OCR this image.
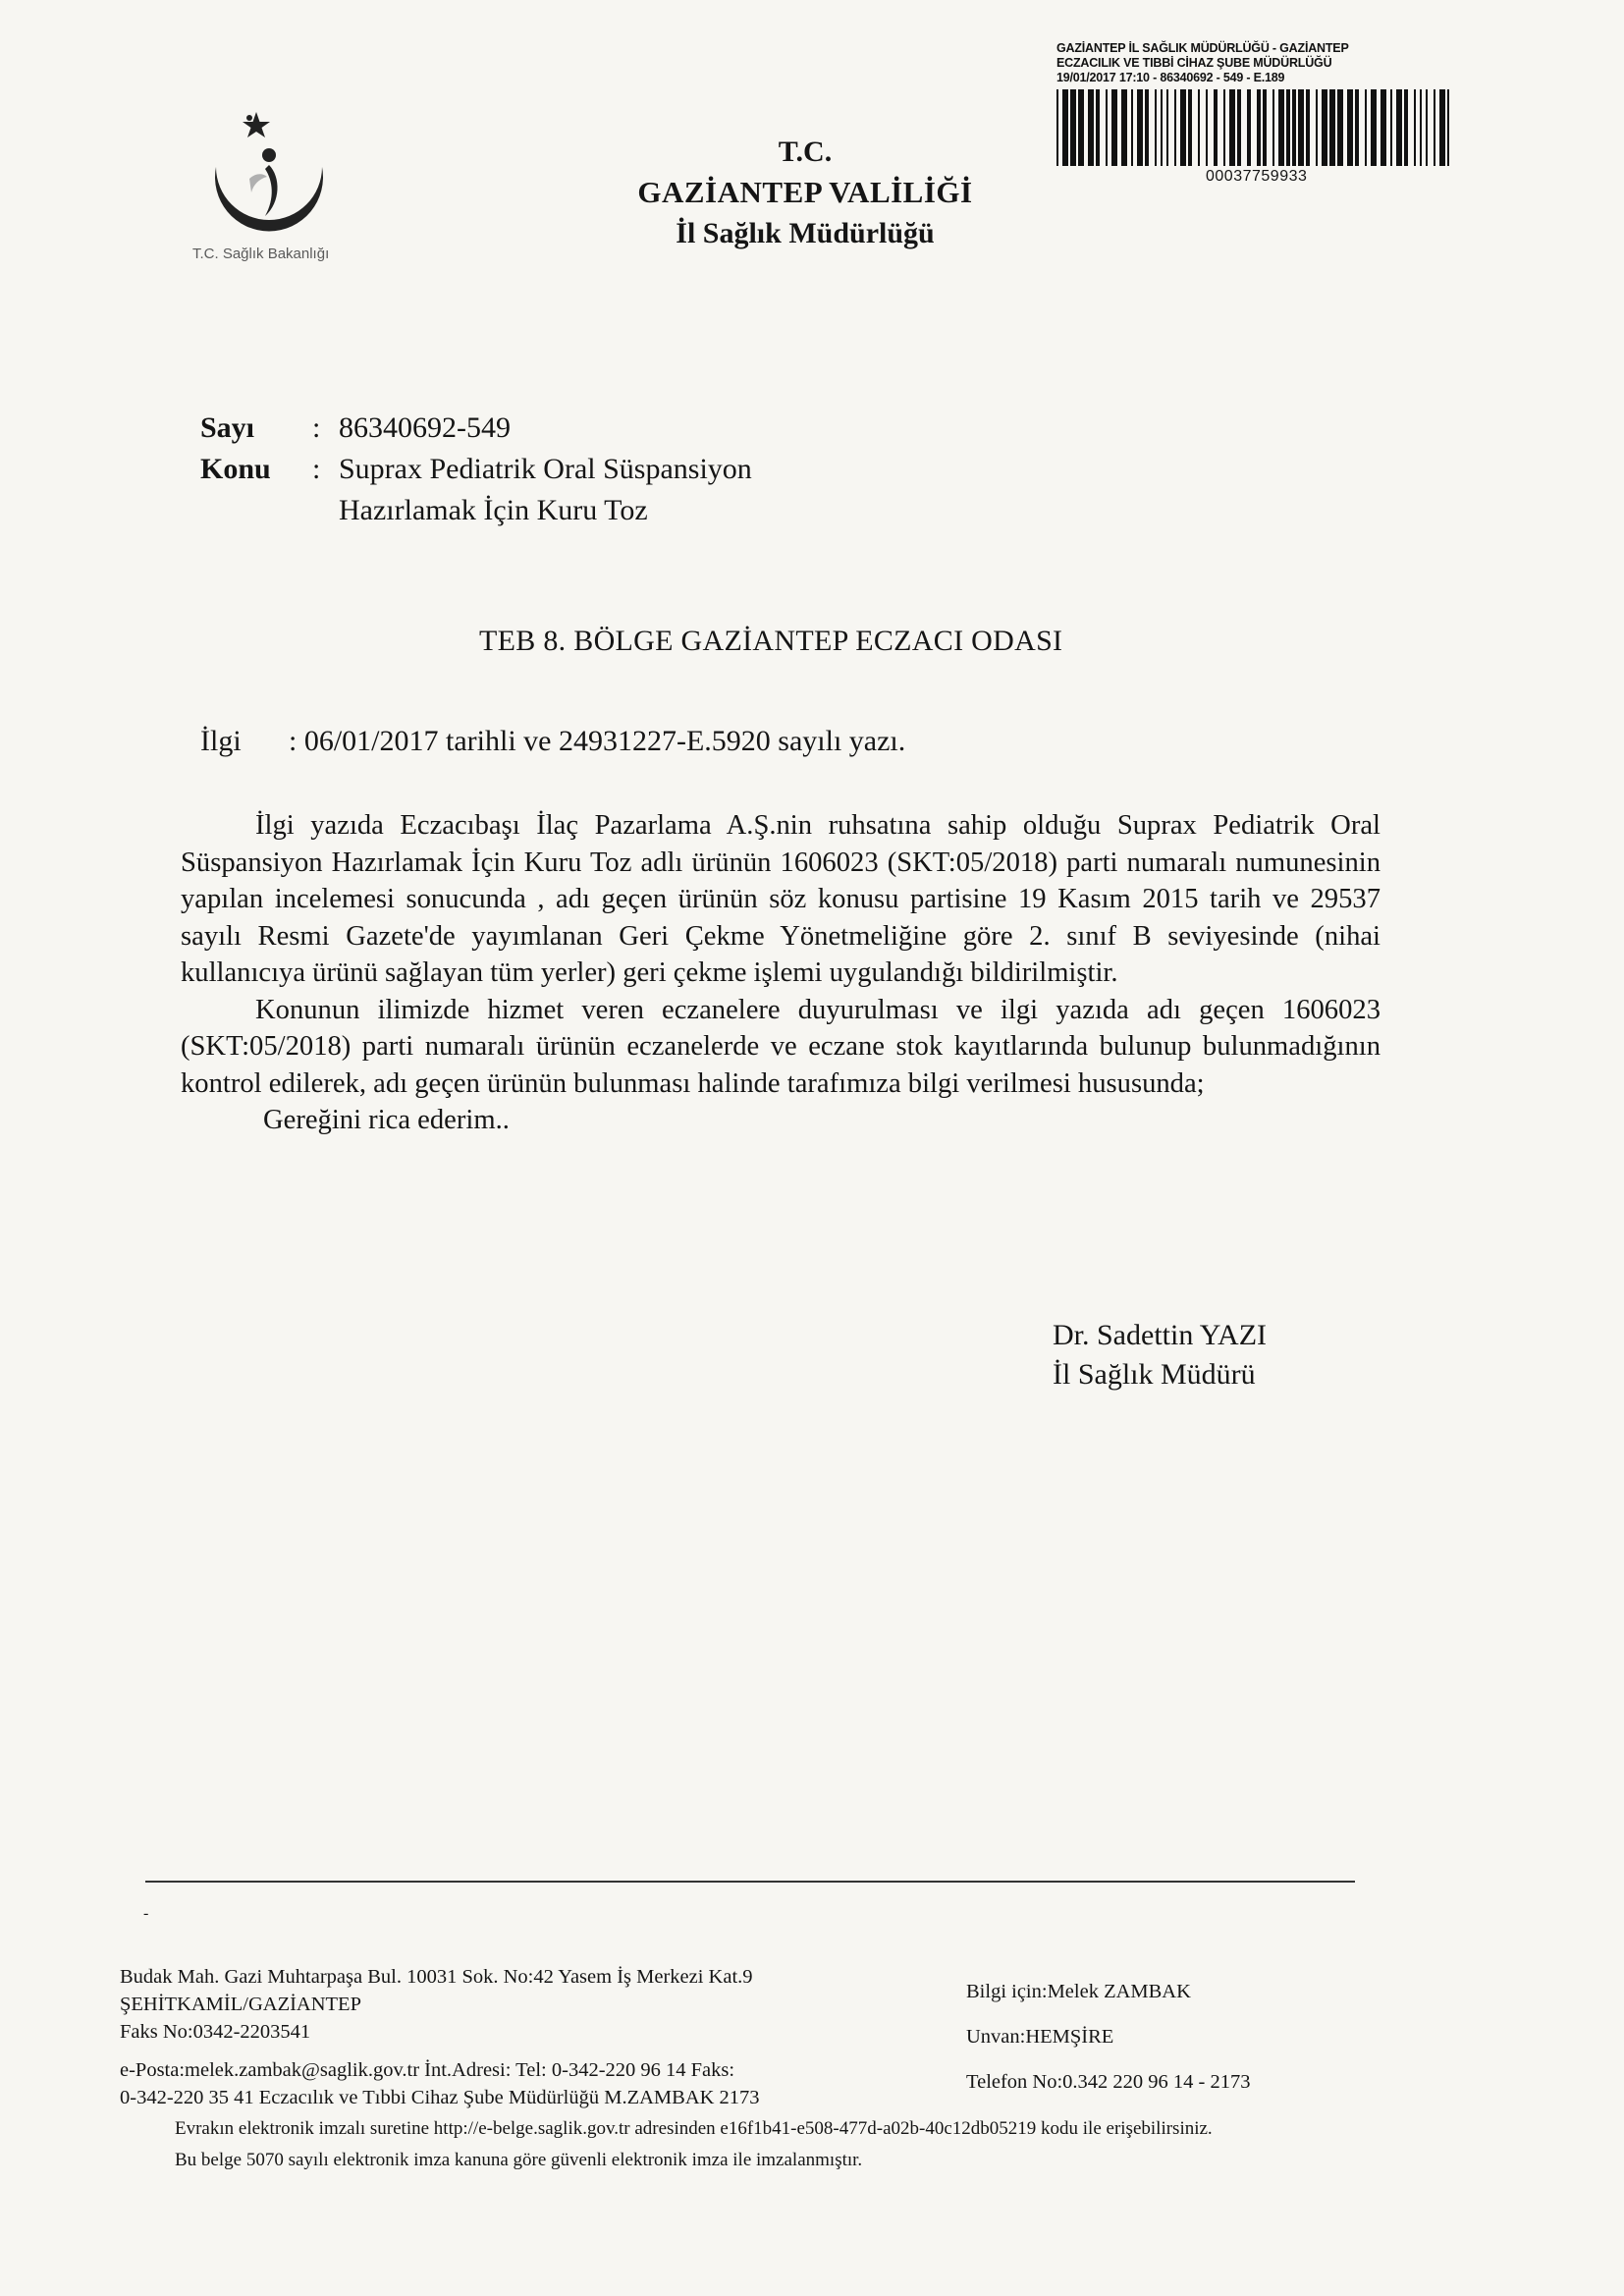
T.C. Sağlık Bakanlığı
T.C.
GAZİANTEP VALİLİĞİ
İl Sağlık Müdürlüğü
GAZİANTEP İL SAĞLIK MÜDÜRLÜĞÜ - GAZİANTEP
ECZACILIK VE TIBBİ CİHAZ ŞUBE MÜDÜRLÜĞÜ
19/01/2017 17:10 - 86340692 - 549 - E.189
00037759933
Sayı : 86340692-549
Konu : Suprax Pediatrik Oral Süspansiyon
Hazırlamak İçin Kuru Toz
TEB 8. BÖLGE GAZİANTEP ECZACI ODASI
İlgi : 06/01/2017 tarihli ve 24931227-E.5920 sayılı yazı.

İlgi yazıda Eczacıbaşı İlaç Pazarlama A.Ş.nin ruhsatına sahip olduğu Suprax Pediatrik Oral Süspansiyon Hazırlamak İçin Kuru Toz adlı ürünün 1606023 (SKT:05/2018) parti numaralı numunesinin yapılan incelemesi sonucunda , adı geçen ürünün söz konusu partisine 19 Kasım 2015 tarih ve 29537 sayılı Resmi Gazete'de yayımlanan Geri Çekme Yönetmeliğine göre 2. sınıf B seviyesinde (nihai kullanıcıya ürünü sağlayan tüm yerler) geri çekme işlemi uygulandığı bildirilmiştir.

Konunun ilimizde hizmet veren eczanelere duyurulması ve ilgi yazıda adı geçen 1606023 (SKT:05/2018) parti numaralı ürünün eczanelerde ve eczane stok kayıtlarında bulunup bulunmadığının kontrol edilerek, adı geçen ürünün bulunması halinde tarafımıza bilgi verilmesi hususunda;

Gereğini rica ederim..

Dr. Sadettin YAZI
İl Sağlık Müdürü
-
Budak Mah. Gazi Muhtarpaşa Bul. 10031 Sok. No:42 Yasem İş Merkezi Kat.9
ŞEHİTKAMİL/GAZİANTEP
Faks No:0342-2203541
e-Posta:melek.zambak@saglik.gov.tr İnt.Adresi: Tel: 0-342-220 96 14 Faks:
0-342-220 35 41 Eczacılık ve Tıbbi Cihaz Şube Müdürlüğü M.ZAMBAK 2173
Bilgi için:Melek ZAMBAK
Unvan:HEMŞİRE
Telefon No:0.342 220 96 14 - 2173
Evrakın elektronik imzalı suretine http://e-belge.saglik.gov.tr adresinden e16f1b41-e508-477d-a02b-40c12db05219 kodu ile erişebilirsiniz.
Bu belge 5070 sayılı elektronik imza kanuna göre güvenli elektronik imza ile imzalanmıştır.
